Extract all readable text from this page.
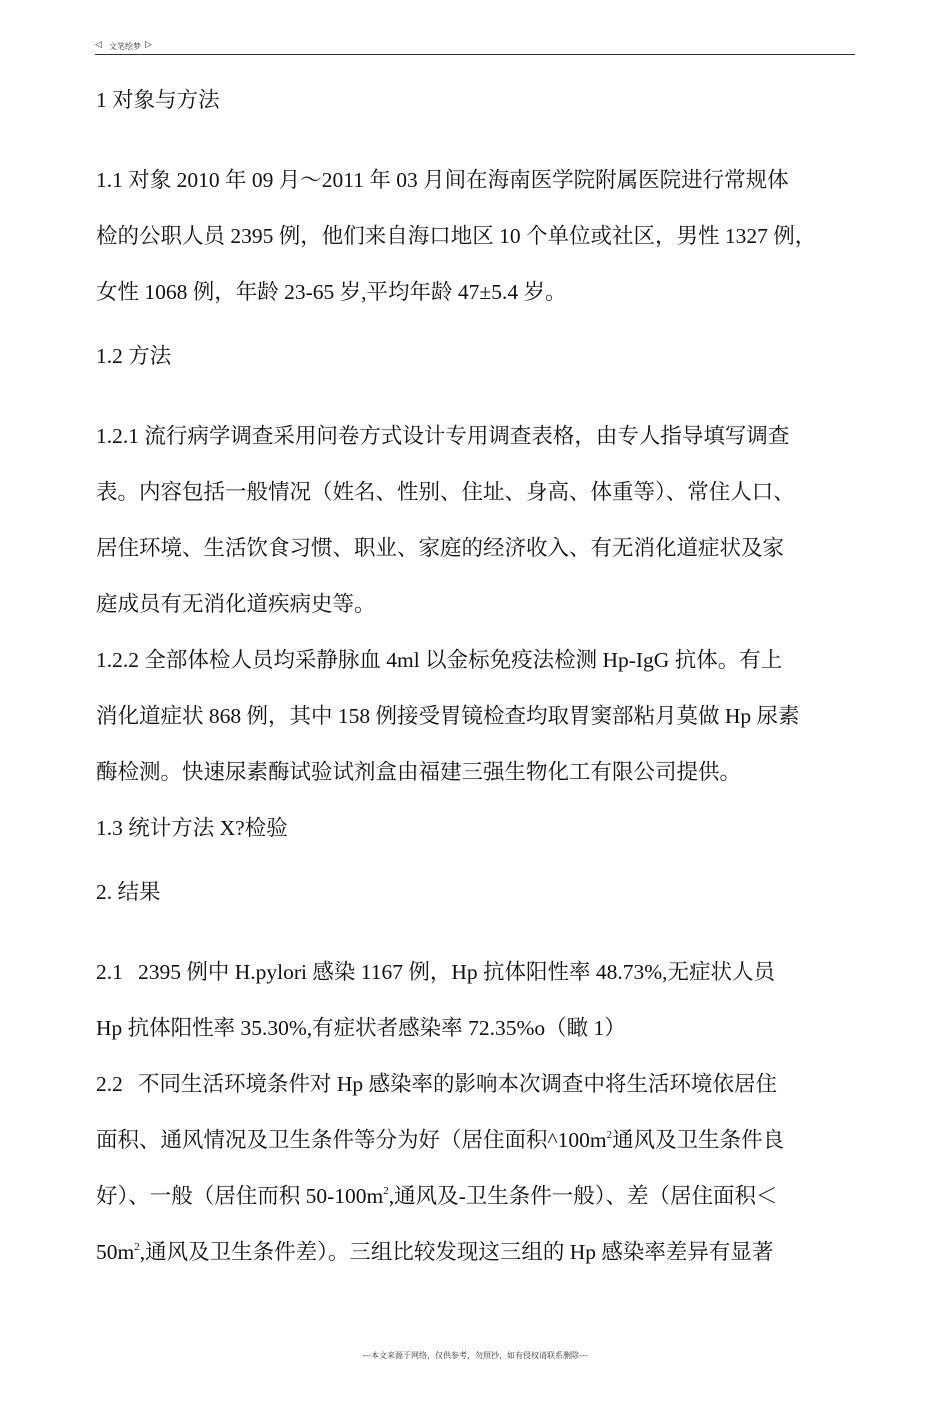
◁ 文笔绘梦 ▷

1 对象与方法

1.1 对象 2010 年 09 月〜2011 年 03 月间在海南医学院附属医院进行常规体

检的公职人员 2395 例，他们来自海口地区 10 个单位或社区，男性 1327 例，

女性 1068 例，年龄 23-65 岁,平均年龄 47±5.4 岁。

1.2 方法

1.2.1 流行病学调查采用问卷方式设计专用调查表格，由专人指导填写调查

表。内容包括一般情况（姓名、性别、住址、身高、体重等）、常住人口、

居住环境、生活饮食习惯、职业、家庭的经济收入、有无消化道症状及家

庭成员有无消化道疾病史等。

1.2.2 全部体检人员均采静脉血 4ml 以金标免疫法检测 Hp-IgG 抗体。有上

消化道症状 868 例，其中 158 例接受胃镜检查均取胃窦部粘月莫做 Hp 尿素

酶检测。快速尿素酶试验试剂盒由福建三强生物化工有限公司提供。

1.3 统计方法 X?检验

2. 结果

2.1 2395 例中 H.pylori 感染 1167 例，Hp 抗体阳性率 48.73%,无症状人员

Hp 抗体阳性率 35.30%,有症状者感染率 72.35%o（瞰 1）

2.2 不同生活环境条件对 Hp 感染率的影响本次调查中将生活环境依居住

面积、通风情况及卫生条件等分为好（居住面积$\^{}100m^2$通风及卫生条件良

好）、一般（居住而积 $50-100m^2$,通风及-卫生条件一般）、差（居住面积＜

$50m^2$,通风及卫生条件差）。三组比较发现这三组的 Hp 感染率差异有显著

---本文来源于网络，仅供参考，勿照抄，如有侵权请联系删除---
